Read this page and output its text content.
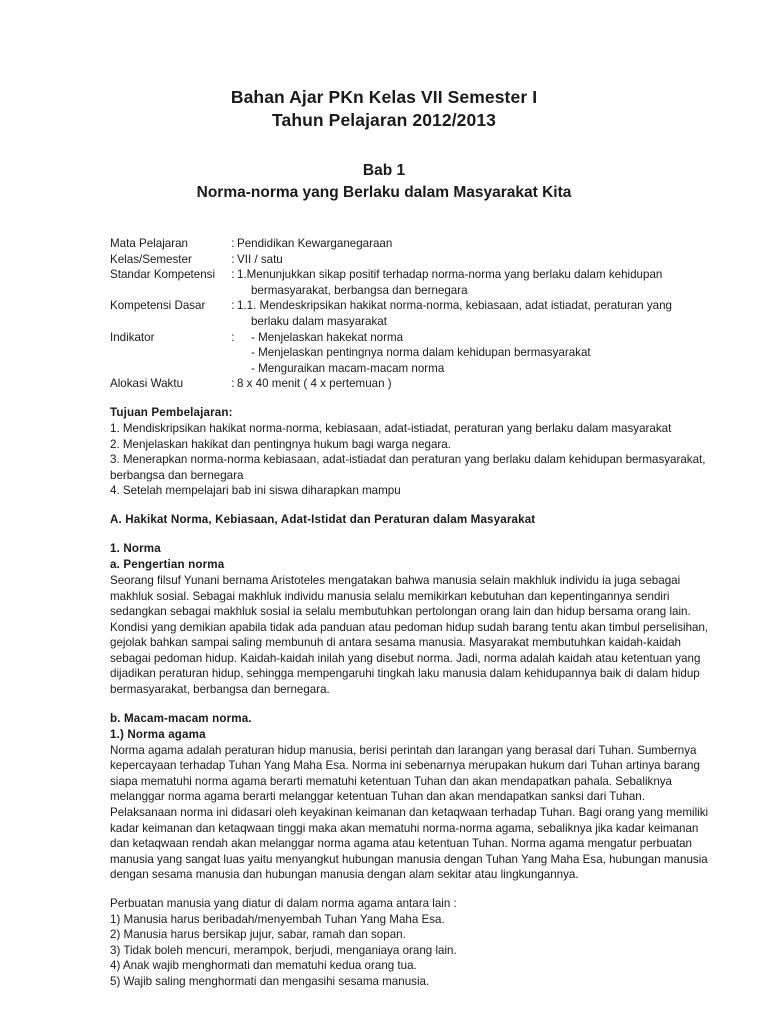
Bahan Ajar PKn Kelas VII Semester I
Tahun Pelajaran 2012/2013
Bab 1
Norma-norma yang Berlaku dalam Masyarakat Kita
Mata Pelajaran	:	Pendidikan Kewarganegaraan
Kelas/Semester	:	VII / satu
Standar Kompetensi	:	1.Menunjukkan sikap positif terhadap norma-norma yang berlaku dalam kehidupan
bermasyarakat, berbangsa dan bernegara

Kompetensi Dasar	:	1.1. Mendeskripsikan hakikat norma-norma, kebiasaan, adat istiadat, peraturan yang
berlaku dalam masyarakat

Indikator	:	- Menjelaskan hakekat norma
- Menjelaskan pentingnya norma dalam kehidupan bermasyarakat
- Menguraikan macam-macam norma

Alokasi Waktu	:	8 x 40 menit ( 4 x pertemuan )
Tujuan Pembelajaran:
1. Mendiskripsikan hakikat norma-norma, kebiasaan, adat-istiadat, peraturan yang berlaku dalam masyarakat
2. Menjelaskan hakikat dan pentingnya hukum bagi warga negara.
3. Menerapkan norma-norma kebiasaan, adat-istiadat dan peraturan yang berlaku dalam kehidupan bermasyarakat,
berbangsa dan bernegara
4. Setelah mempelajari bab ini siswa diharapkan mampu
A. Hakikat Norma, Kebiasaan, Adat-Istidat dan Peraturan dalam Masyarakat
1. Norma
a. Pengertian norma
Seorang filsuf Yunani bernama Aristoteles mengatakan bahwa manusia selain makhluk individu ia juga sebagai
makhluk sosial. Sebagai makhluk individu manusia selalu memikirkan kebutuhan dan kepentingannya sendiri
sedangkan sebagai makhluk sosial ia selalu membutuhkan pertolongan orang lain dan hidup bersama orang lain.
Kondisi yang demikian apabila tidak ada panduan atau pedoman hidup sudah barang tentu akan timbul perselisihan,
gejolak bahkan sampai saling membunuh di antara sesama manusia. Masyarakat membutuhkan kaidah-kaidah
sebagai pedoman hidup. Kaidah-kaidah inilah yang disebut norma. Jadi, norma adalah kaidah atau ketentuan yang
dijadikan peraturan hidup, sehingga mempengaruhi tingkah laku manusia dalam kehidupannya baik di dalam hidup
bermasyarakat, berbangsa dan bernegara.
b. Macam-macam norma.
1.) Norma agama
Norma agama adalah peraturan hidup manusia, berisi perintah dan larangan yang berasal dari Tuhan. Sumbernya
kepercayaan terhadap Tuhan Yang Maha Esa. Norma ini sebenarnya merupakan hukum dari Tuhan artinya barang
siapa mematuhi norma agama berarti mematuhi ketentuan Tuhan dan akan mendapatkan pahala. Sebaliknya
melanggar norma agama berarti melanggar ketentuan Tuhan dan akan mendapatkan sanksi dari Tuhan.
Pelaksanaan norma ini didasari oleh keyakinan keimanan dan ketaqwaan terhadap Tuhan. Bagi orang yang memiliki
kadar keimanan dan ketaqwaan tinggi maka akan mematuhi norma-norma agama, sebaliknya jika kadar keimanan
dan ketaqwaan rendah akan melanggar norma agama atau ketentuan Tuhan. Norma agama mengatur perbuatan
manusia yang sangat luas yaitu menyangkut hubungan manusia dengan Tuhan Yang Maha Esa, hubungan manusia
dengan sesama manusia dan hubungan manusia dengan alam sekitar atau lingkungannya.
Perbuatan manusia yang diatur di dalam norma agama antara lain :
1) Manusia harus beribadah/menyembah Tuhan Yang Maha Esa.
2) Manusia harus bersikap jujur, sabar, ramah dan sopan.
3) Tidak boleh mencuri, merampok, berjudi, menganiaya orang lain.
4) Anak wajib menghormati dan mematuhi kedua orang tua.
5) Wajib saling menghormati dan mengasihi sesama manusia.
